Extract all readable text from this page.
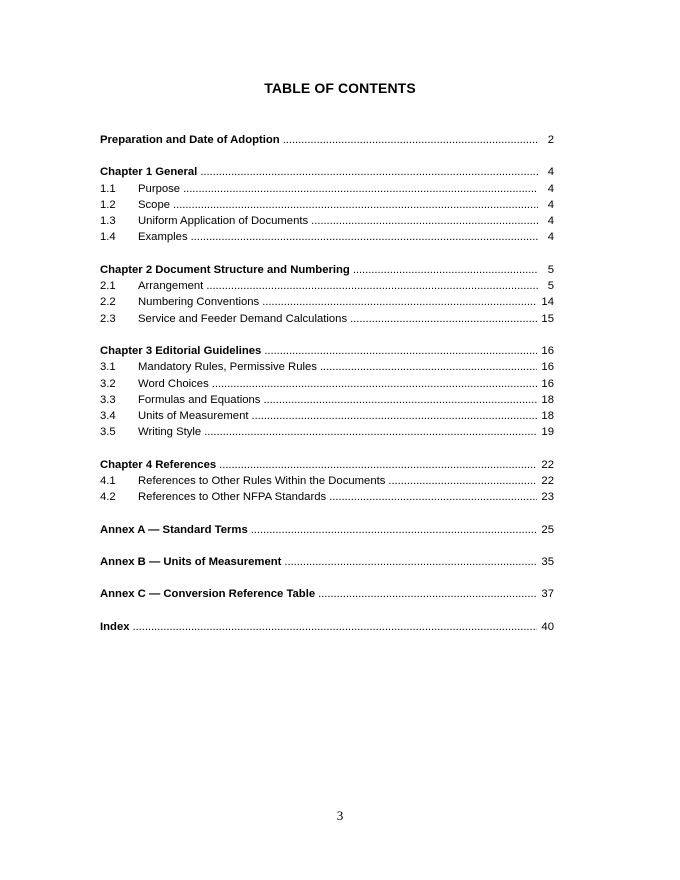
TABLE OF CONTENTS
Preparation and Date of Adoption . . .	2
Chapter 1 General . . .	4
1.1	Purpose . . .	4
1.2	Scope . . .	4
1.3	Uniform Application of Documents . . .	4
1.4	Examples . . .	4
Chapter 2 Document Structure and Numbering . . .	5
2.1	Arrangement . . .	5
2.2	Numbering Conventions . . .	14
2.3	Service and Feeder Demand Calculations . . .	15
Chapter 3 Editorial Guidelines . . .	16
3.1	Mandatory Rules, Permissive Rules . . .	16
3.2	Word Choices . . .	16
3.3	Formulas and Equations . . .	18
3.4	Units of Measurement . . .	18
3.5	Writing Style . . .	19
Chapter 4 References . . .	22
4.1	References to Other Rules Within the Documents . . .	22
4.2	References to Other NFPA Standards . . .	23
Annex A — Standard Terms . . .	25
Annex B — Units of Measurement . . .	35
Annex C — Conversion Reference Table . . .	37
Index . . .	40
3
